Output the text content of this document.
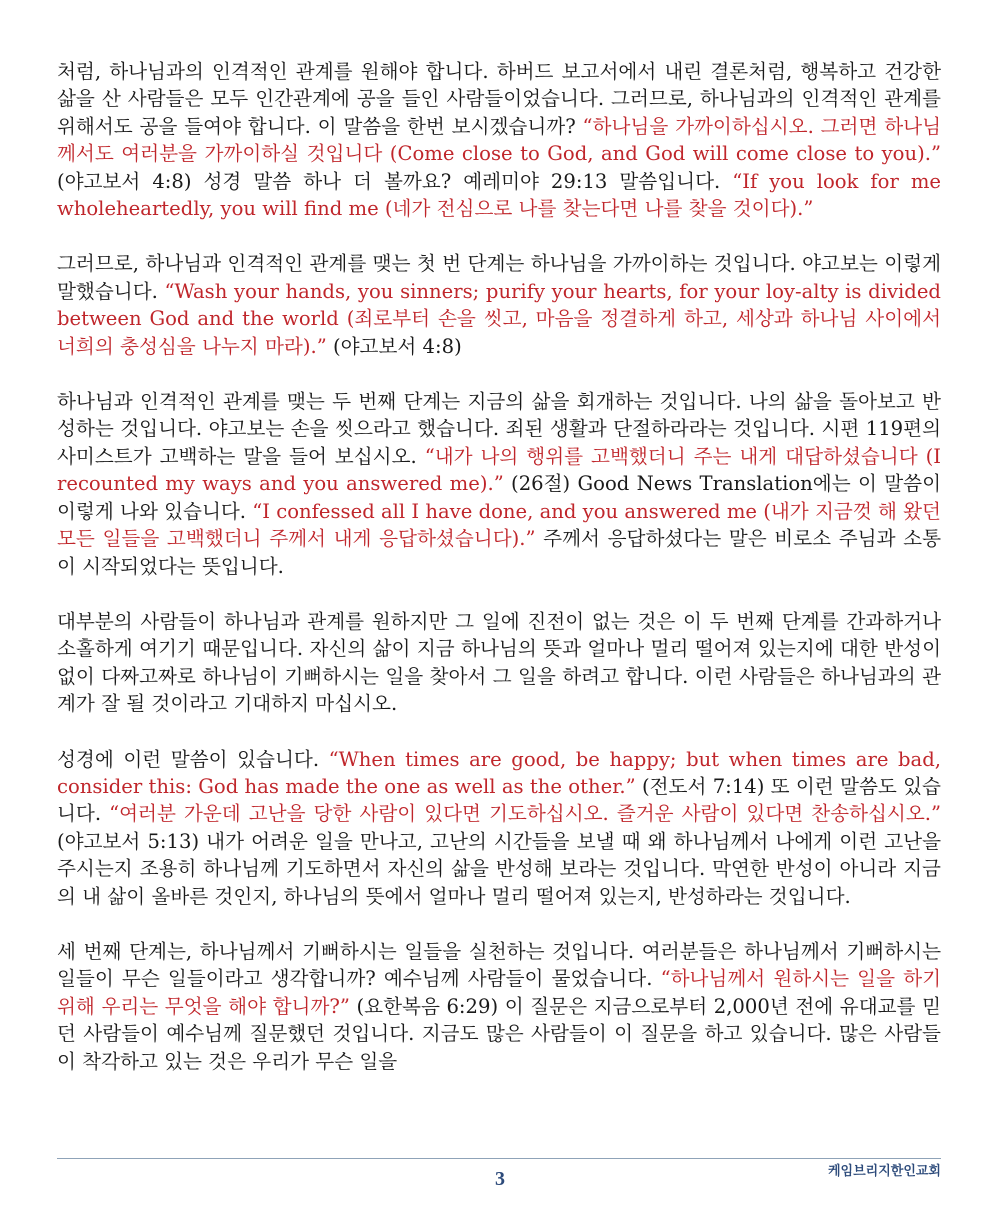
처럼, 하나님과의 인격적인 관계를 원해야 합니다. 하버드 보고서에서 내린 결론처럼, 행복하고 건강한 삶을 산 사람들은 모두 인간관계에 공을 들인 사람들이었습니다. 그러므로, 하나님과의 인격적인 관계를 위해서도 공을 들여야 합니다. 이 말씀을 한번 보시겠습니까? “하나님을 가까이하십시오. 그러면 하나님께서도 여러분을 가까이하실 것입니다 (Come close to God, and God will come close to you).” (야고보서 4:8) 성경 말씀 하나 더 볼까요? 예레미야 29:13 말씀입니다. “If you look for me wholeheartedly, you will find me (네가 전심으로 나를 찾는다면 나를 찾을 것이다).”

그러므로, 하나님과 인격적인 관계를 맺는 첫 번 단계는 하나님을 가까이하는 것입니다. 야고보는 이렇게 말했습니다. “Wash your hands, you sinners; purify your hearts, for your loy-alty is divided between God and the world (죄로부터 손을 씻고, 마음을 정결하게 하고, 세상과 하나님 사이에서 너희의 충성심을 나누지 마라).” (야고보서 4:8)

하나님과 인격적인 관계를 맺는 두 번째 단계는 지금의 삶을 회개하는 것입니다. 나의 삶을 돌아보고 반성하는 것입니다. 야고보는 손을 씻으라고 했습니다. 죄된 생활과 단절하라라는 것입니다. 시편 119편의 사미스트가 고백하는 말을 들어 보십시오. “내가 나의 행위를 고백했더니 주는 내게 대답하셨습니다 (I recounted my ways and you answered me).” (26절) Good News Translation에는 이 말씀이 이렇게 나와 있습니다. “I confessed all I have done, and you answered me (내가 지금껏 해 왔던 모든 일들을 고백했더니 주께서 내게 응답하셨습니다).” 주께서 응답하셨다는 말은 비로소 주님과 소통이 시작되었다는 뜻입니다.

대부분의 사람들이 하나님과 관계를 원하지만 그 일에 진전이 없는 것은 이 두 번째 단계를 간과하거나 소홀하게 여기기 때문입니다. 자신의 삶이 지금 하나님의 뜻과 얼마나 멀리 떨어져 있는지에 대한 반성이 없이 다짜고짜로 하나님이 기뻐하시는 일을 찾아서 그 일을 하려고 합니다. 이런 사람들은 하나님과의 관계가 잘 될 것이라고 기대하지 마십시오.

성경에 이런 말씀이 있습니다. “When times are good, be happy; but when times are bad, consider this: God has made the one as well as the other.” (전도서 7:14) 또 이런 말씀도 있습니다. “여러분 가운데 고난을 당한 사람이 있다면 기도하십시오. 즐거운 사람이 있다면 찬송하십시오.” (야고보서 5:13) 내가 어려운 일을 만나고, 고난의 시간들을 보낼 때 왜 하나님께서 나에게 이런 고난을 주시는지 조용히 하나님께 기도하면서 자신의 삶을 반성해 보라는 것입니다. 막연한 반성이 아니라 지금의 내 삶이 올바른 것인지, 하나님의 뜻에서 얼마나 멀리 떨어져 있는지, 반성하라는 것입니다.

세 번째 단계는, 하나님께서 기뻐하시는 일들을 실천하는 것입니다. 여러분들은 하나님께서 기뻐하시는 일들이 무슨 일들이라고 생각합니까? 예수님께 사람들이 물었습니다. “하나님께서 원하시는 일을 하기 위해 우리는 무엇을 해야 합니까?” (요한복음 6:29) 이 질문은 지금으로부터 2,000년 전에 유대교를 믿던 사람들이 예수님께 질문했던 것입니다. 지금도 많은 사람들이 이 질문을 하고 있습니다. 많은 사람들이 착각하고 있는 것은 우리가 무슨 일을

3	케임브리지한인교회
